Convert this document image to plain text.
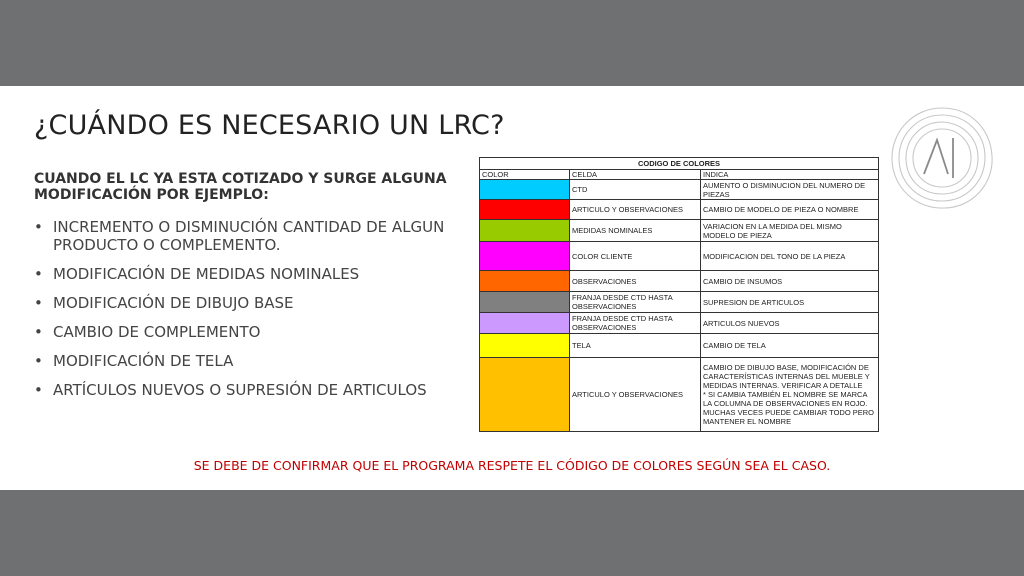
¿CUÁNDO ES NECESARIO UN LRC?
CUANDO EL LC YA ESTA COTIZADO Y SURGE ALGUNA MODIFICACIÓN POR EJEMPLO:
• INCREMENTO O DISMINUCIÓN CANTIDAD DE ALGUN PRODUCTO O COMPLEMENTO.
• MODIFICACIÓN DE MEDIDAS NOMINALES
• MODIFICACIÓN DE DIBUJO BASE
• CAMBIO DE COMPLEMENTO
• MODIFICACIÓN DE TELA
• ARTÍCULOS NUEVOS O SUPRESIÓN DE ARTICULOS
CODIGO DE COLORES		
COLOR	CELDA	INDICA
	CTD	AUMENTO O DISMINUCION DEL NUMERO DE PIEZAS
	ARTICULO Y OBSERVACIONES	CAMBIO DE MODELO DE PIEZA O NOMBRE
	MEDIDAS NOMINALES	VARIACION EN LA MEDIDA DEL MISMO MODELO DE PIEZA
	COLOR CLIENTE	MODIFICACION DEL TONO DE LA PIEZA
	OBSERVACIONES	CAMBIO DE INSUMOS
	FRANJA DESDE CTD HASTA OBSERVACIONES	SUPRESION DE ARTICULOS
	FRANJA DESDE CTD HASTA OBSERVACIONES	ARTICULOS NUEVOS
	TELA	CAMBIO DE TELA
	ARTICULO Y OBSERVACIONES	CAMBIO DE DIBUJO BASE, MODIFICACIÓN DE CARACTERÍSTICAS INTERNAS DEL MUEBLE Y MEDIDAS INTERNAS. VERIFICAR A DETALLE
* SI CAMBIA TAMBIÉN EL NOMBRE SE MARCA LA COLUMNA DE OBSERVACIONES EN ROJO. MUCHAS VECES PUEDE CAMBIAR TODO PERO MANTENER EL NOMBRE
SE DEBE DE CONFIRMAR QUE EL PROGRAMA RESPETE EL CÓDIGO DE COLORES SEGÚN SEA EL CASO.
